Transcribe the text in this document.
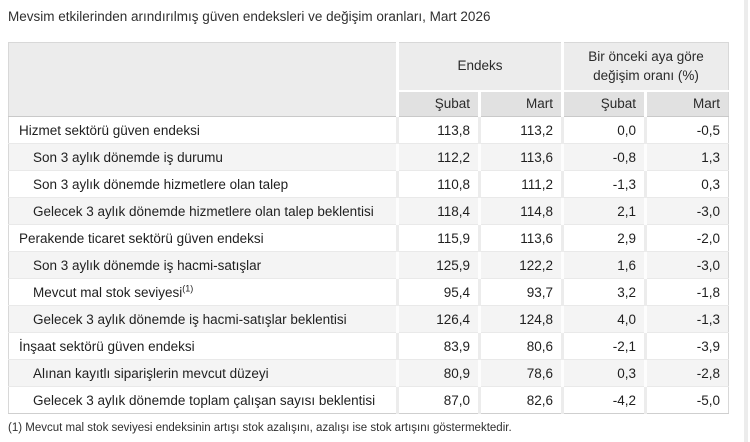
Mevsim etkilerinden arındırılmış güven endeksleri ve değişim oranları, Mart 2026
	Endeks		Bir önceki aya göre değişim oranı (%)	
	Şubat	Mart	Şubat	Mart
Hizmet sektörü güven endeksi	113,8	113,2	0,0	-0,5
Son 3 aylık dönemde iş durumu	112,2	113,6	-0,8	1,3
Son 3 aylık dönemde hizmetlere olan talep	110,8	111,2	-1,3	0,3
Gelecek 3 aylık dönemde hizmetlere olan talep beklentisi	118,4	114,8	2,1	-3,0
Perakende ticaret sektörü güven endeksi	115,9	113,6	2,9	-2,0
Son 3 aylık dönemde iş hacmi-satışlar	125,9	122,2	1,6	-3,0
Mevcut mal stok seviyesi$^{(1)}$	95,4	93,7	3,2	-1,8
Gelecek 3 aylık dönemde iş hacmi-satışlar beklentisi	126,4	124,8	4,0	-1,3
İnşaat sektörü güven endeksi	83,9	80,6	-2,1	-3,9
Alınan kayıtlı siparişlerin mevcut düzeyi	80,9	78,6	0,3	-2,8
Gelecek 3 aylık dönemde toplam çalışan sayısı beklentisi	87,0	82,6	-4,2	-5,0
(1) Mevcut mal stok seviyesi endeksinin artışı stok azalışını, azalışı ise stok artışını göstermektedir.
